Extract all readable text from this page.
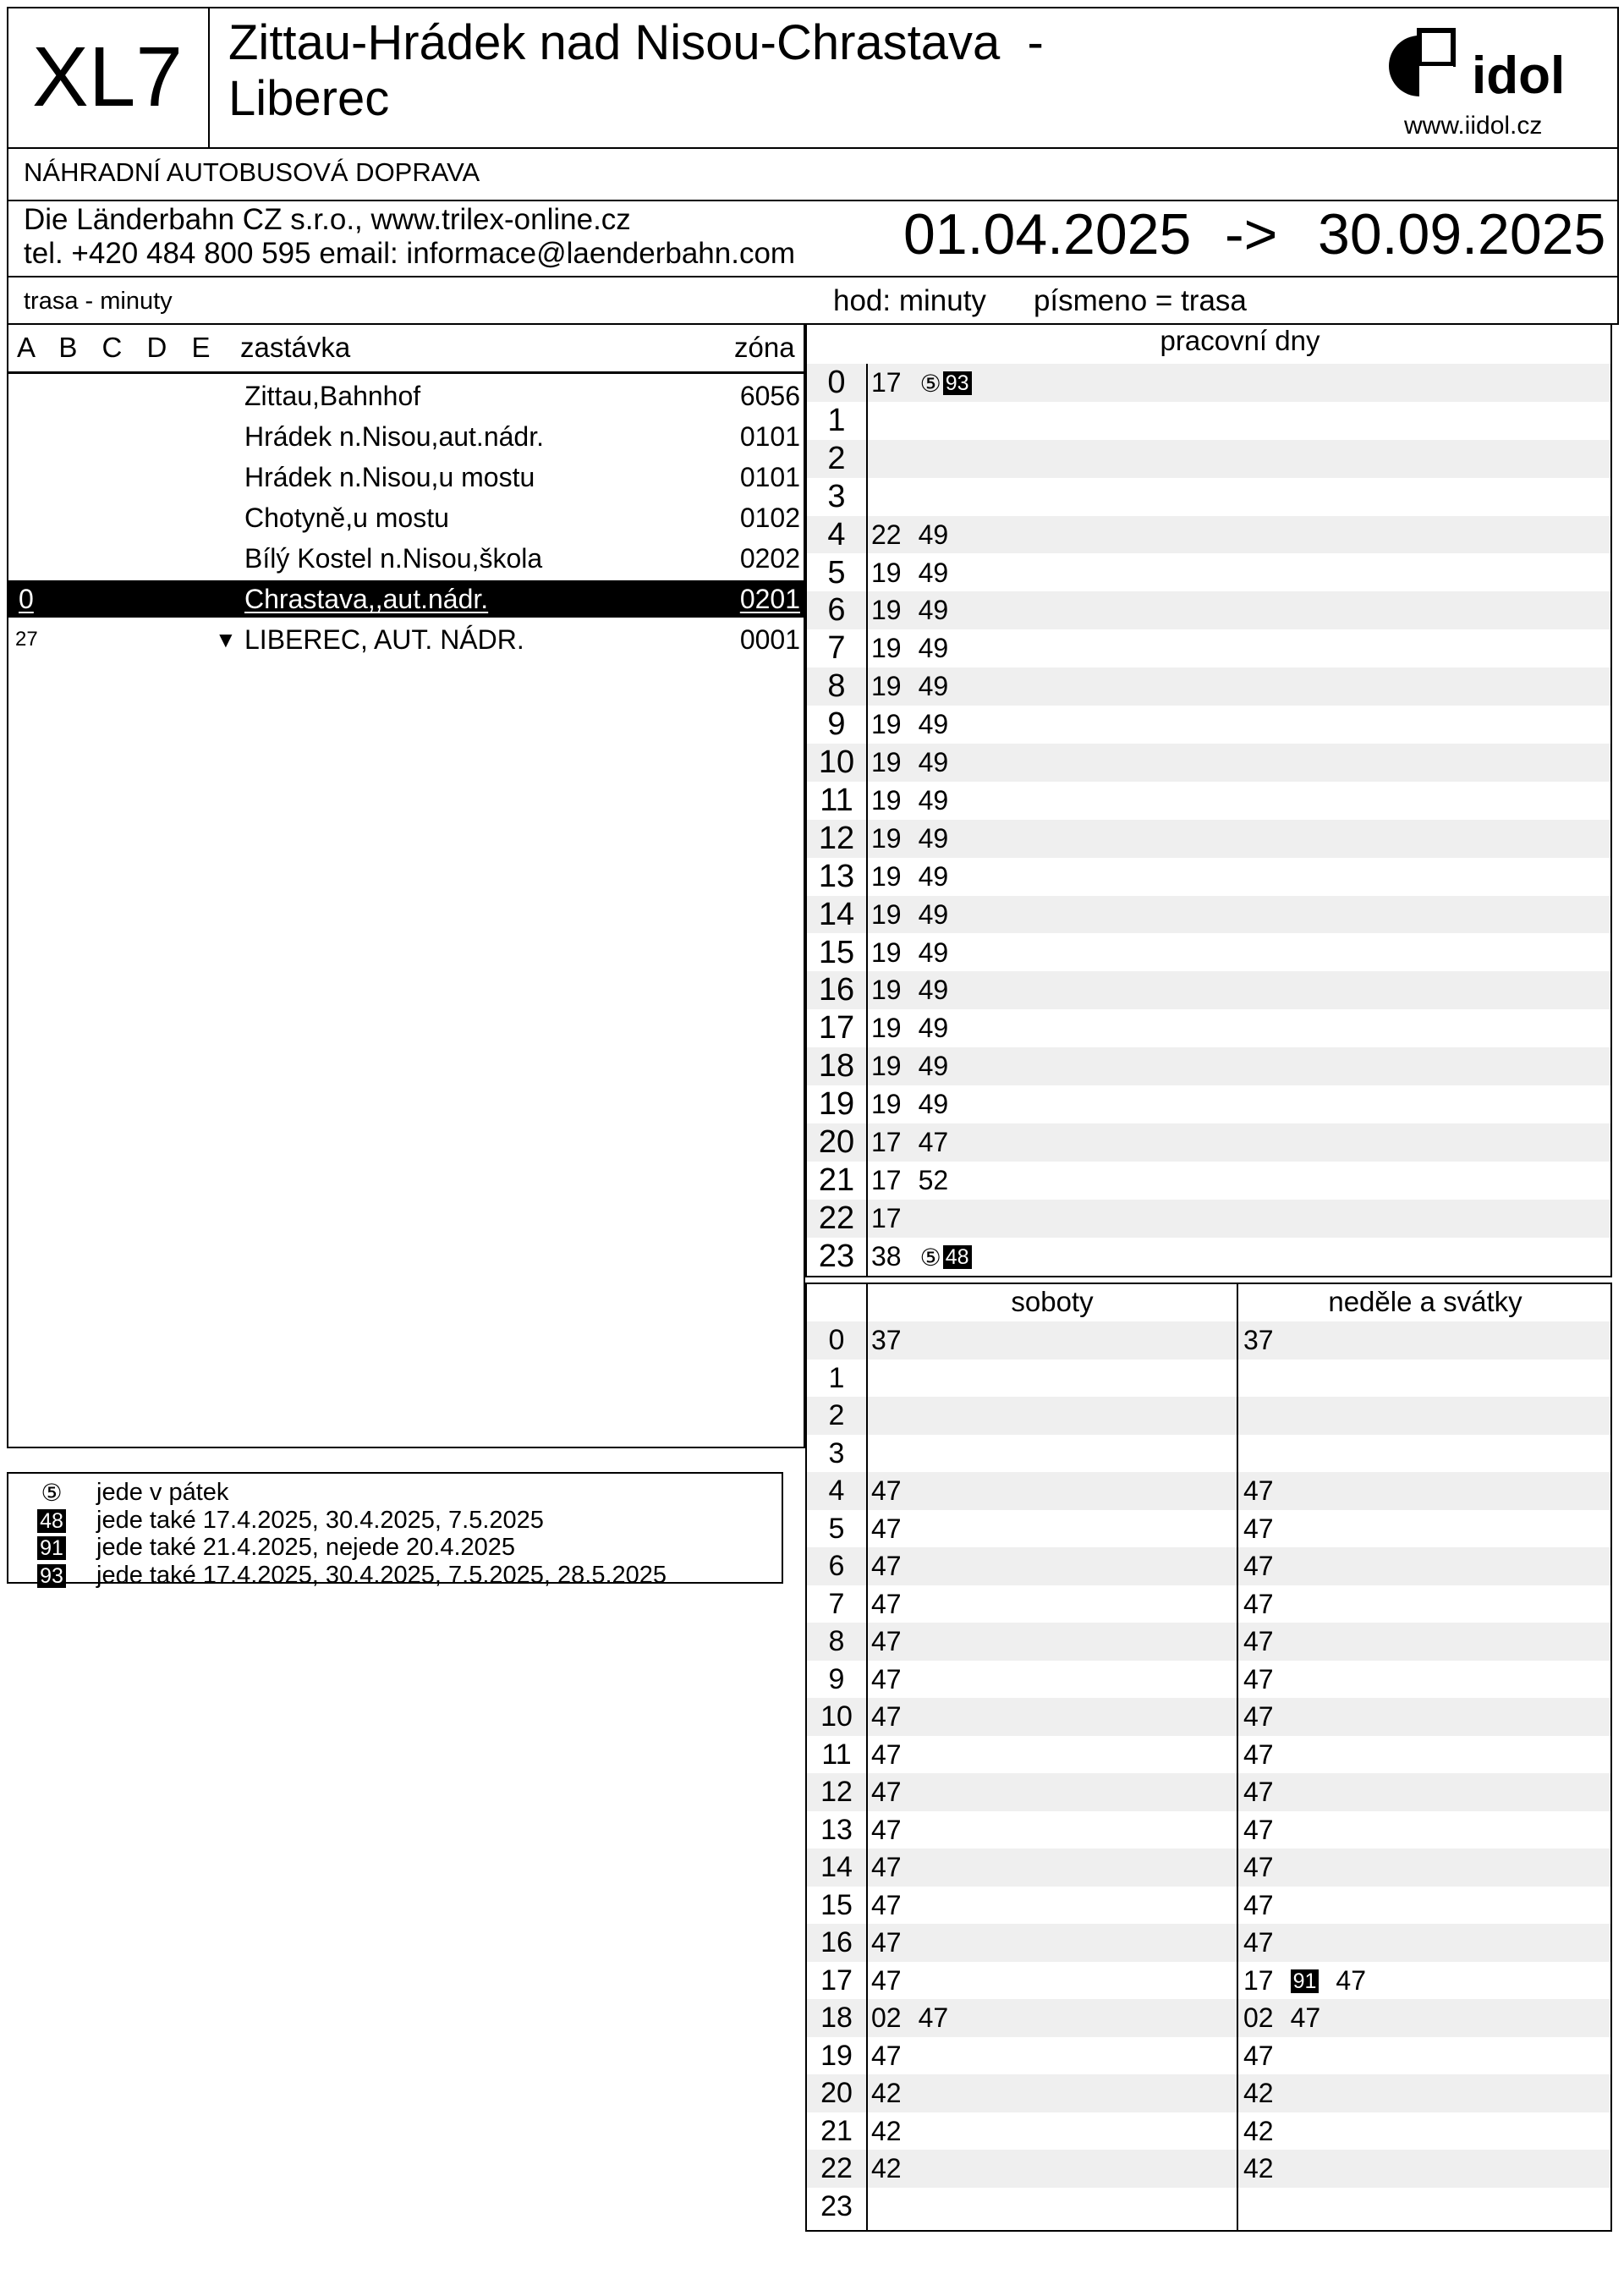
XL7 Zittau-Hrádek nad Nisou-Chrastava  -
Liberec	idol
www.iidol.cz
NÁHRADNÍ AUTOBUSOVÁ DOPRAVA
Die Länderbahn CZ s.r.o., www.trilex-online.cz
tel. +420 484 800 595 email: informace@laenderbahn.com 01.04.2025 -> 30.09.2025
trasa - minuty	hod: minuty písmeno = trasa
A B C D E zastávka	zóna
Zittau,Bahnhof	6056
Hrádek n.Nisou,aut.nádr.	0101
Hrádek n.Nisou,u mostu	0101
Chotyně,u mostu	0102
Bílý Kostel n.Nisou,škola	0202
0	Chrastava,,aut.nádr.	0201
27	▼ LIBEREC, AUT. NÁDR.	0001
⑤ jede v pátek
48 jede také 17.4.2025, 30.4.2025, 7.5.2025
91 jede také 21.4.2025, nejede 20.4.2025
93 jede také 17.4.2025, 30.4.2025, 7.5.2025, 28.5.2025
pracovní dny
0 17 ⑤ 93
1
2
3
4 22 49
5 19 49
6 19 49
7 19 49
8 19 49
9 19 49
10 19 49
11 19 49
12 19 49
13 19 49
14 19 49
15 19 49
16 19 49
17 19 49
18 19 49
19 19 49
20 17 47
21 17 52
22 17
23 38 ⑤ 48
soboty	neděle a svátky
0 37	37
1
2
3
4 47	47
5 47	47
6 47	47
7 47	47
8 47	47
9 47	47
10 47	47
11 47	47
12 47	47
13 47	47
14 47	47
15 47	47
16 47	47
17 47	17 91 47
18 02 47	02 47
19 47	47
20 42	42
21 42	42
22 42	42
23
